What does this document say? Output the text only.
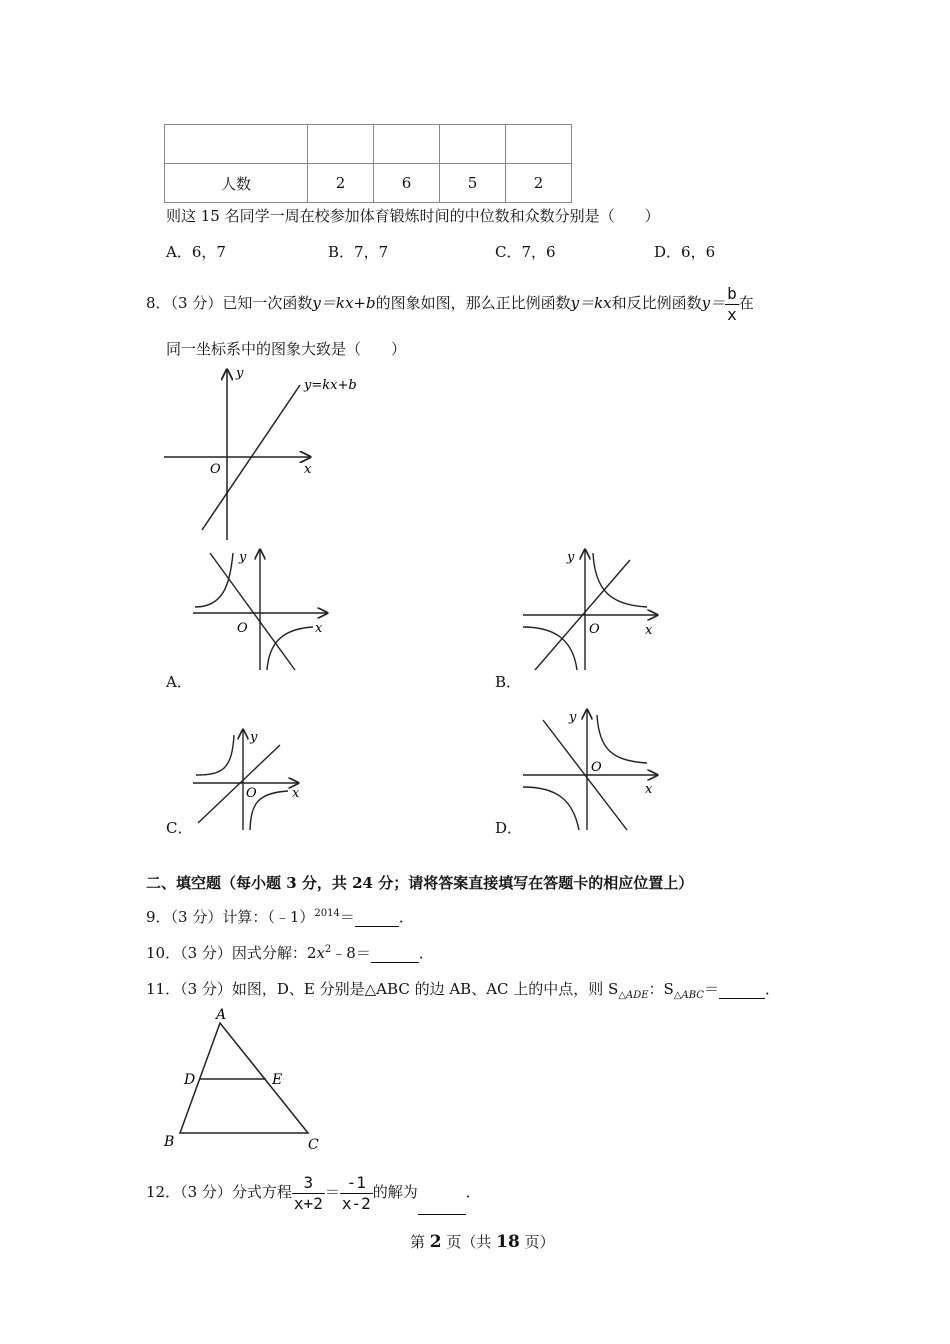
人数	2	6	5	2
则这 15 名同学一周在校参加体育锻炼时间的中位数和众数分别是（　　）
A．6，7	B．7，7	C．7，6	D．6，6
8．（3 分）已知一次函数y＝kx+b的图象如图，那么正比例函数y＝kx和反比例函数$y= \frac{b}{x}$ 在
同一坐标系中的图象大致是（　　）
y=kx+b
x
y
O
x
y
O
A．
x
y
O
B．
x
y
O
C．
x
y
O
D．
二、填空题（每小题 3 分，共 24 分；请将答案直接填写在答题卡的相应位置上）
9．（3 分）计算：（﹣1）$^{2014}$＝	．
10．（3 分）因式分解：$2x^2﹣8=$	．
11．（3 分）如图，D、E 分别是△ABC 的边 AB、AC 上的中点，则 $S_{\triangle ADE}$：$S_{\triangle ABC}=$	．
A
D	E
B	C
12．（3 分）分式方程 $\frac{3}{x+2} = \frac{-1}{x-2}$ 的解为	．
第 2 页（共 18 页）
